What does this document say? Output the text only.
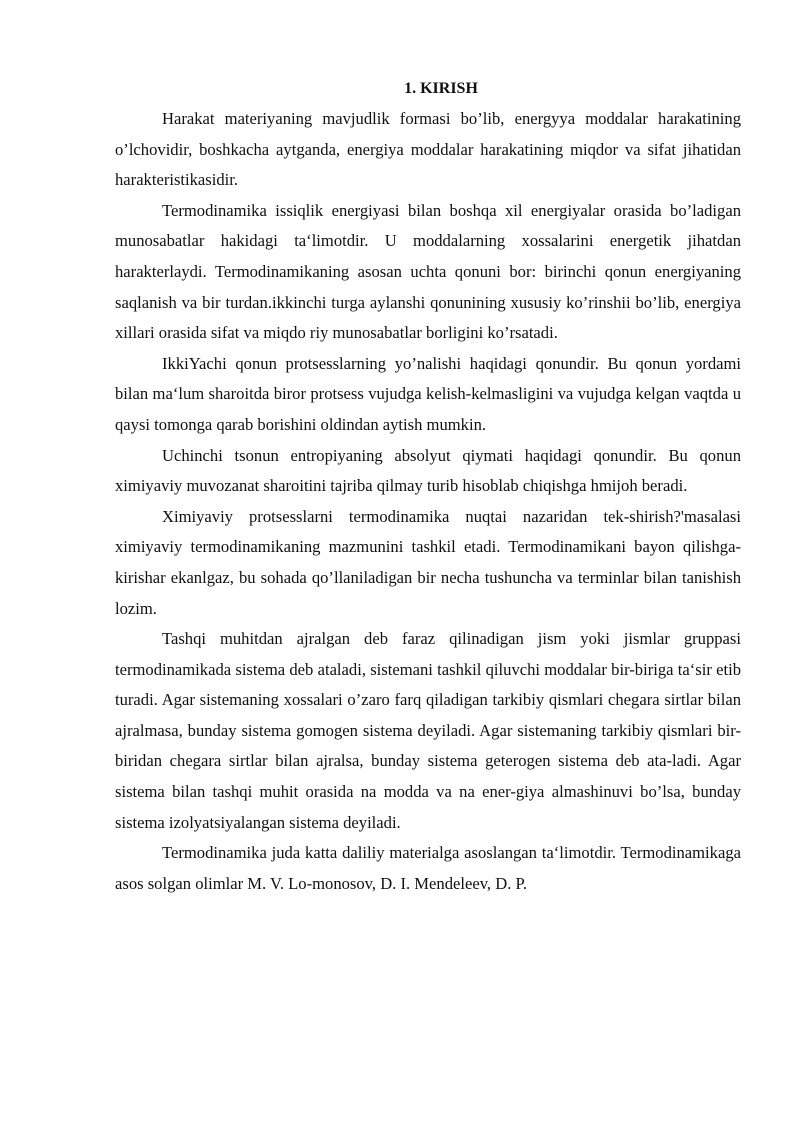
1. KIRISH

Harakat materiyaning mavjudlik formasi bo’lib, energyya moddalar harakatining o’lchovidir, boshkacha aytganda, energiya moddalar harakatining miqdor va sifat jihatidan harakteristikasidir.

Termodinamika issiqlik energiyasi bilan boshqa xil energiyalar orasida bo’ladigan munosabatlar hakidagi ta‘limotdir. U moddalarning xossalarini energetik jihatdan harakterlaydi. Termodinamikaning asosan uchta qonuni bor: birinchi qonun energiyaning saqlanish va bir turdan.ikkinchi turga aylanshi qonunining xususiy ko’rinshii bo’lib, energiya xillari orasida sifat va miqdo riy munosabatlar borligini ko’rsatadi.

IkkiYachi qonun protsesslarning yo’nalishi haqidagi qonundir. Bu qonun yordami bilan ma‘lum sharoitda biror protsess vujudga kelish-kelmasligini va vujudga kelgan vaqtda u qaysi tomonga qarab borishini oldindan aytish mumkin.

Uchinchi tsonun entropiyaning absolyut qiymati haqidagi qonundir. Bu qonun ximiyaviy muvozanat sharoitini tajriba qilmay turib hisoblab chiqishga hmijoh beradi.

Ximiyaviy protsesslarni termodinamika nuqtai nazaridan tek-shirish?'masalasi ximiyaviy termodinamikaning mazmunini tashkil etadi. Termodinamikani bayon qilishga-kirishar ekanlgaz, bu sohada qo’llaniladigan bir necha tushuncha va terminlar bilan tanishish lozim.

Tashqi muhitdan ajralgan deb faraz qilinadigan jism yoki jismlar gruppasi termodinamikada sistema deb ataladi, sistemani tashkil qiluvchi moddalar bir-biriga ta‘sir etib turadi. Agar sistemaning xossalari o’zaro farq qiladigan tarkibiy qismlari chegara sirtlar bilan ajralmasa, bunday sistema gomogen sistema deyiladi. Agar sistemaning tarkibiy qismlari bir-biridan chegara sirtlar bilan ajralsa, bunday sistema geterogen sistema deb ata-ladi. Agar sistema bilan tashqi muhit orasida na modda va na ener-giya almashinuvi bo’lsa, bunday sistema izolyatsiyalangan sistema deyiladi.

Termodinamika juda katta daliliy materialga asoslangan ta‘limotdir. Termodinamikaga asos solgan olimlar M. V. Lo-monosov, D. I. Mendeleev, D. P.
